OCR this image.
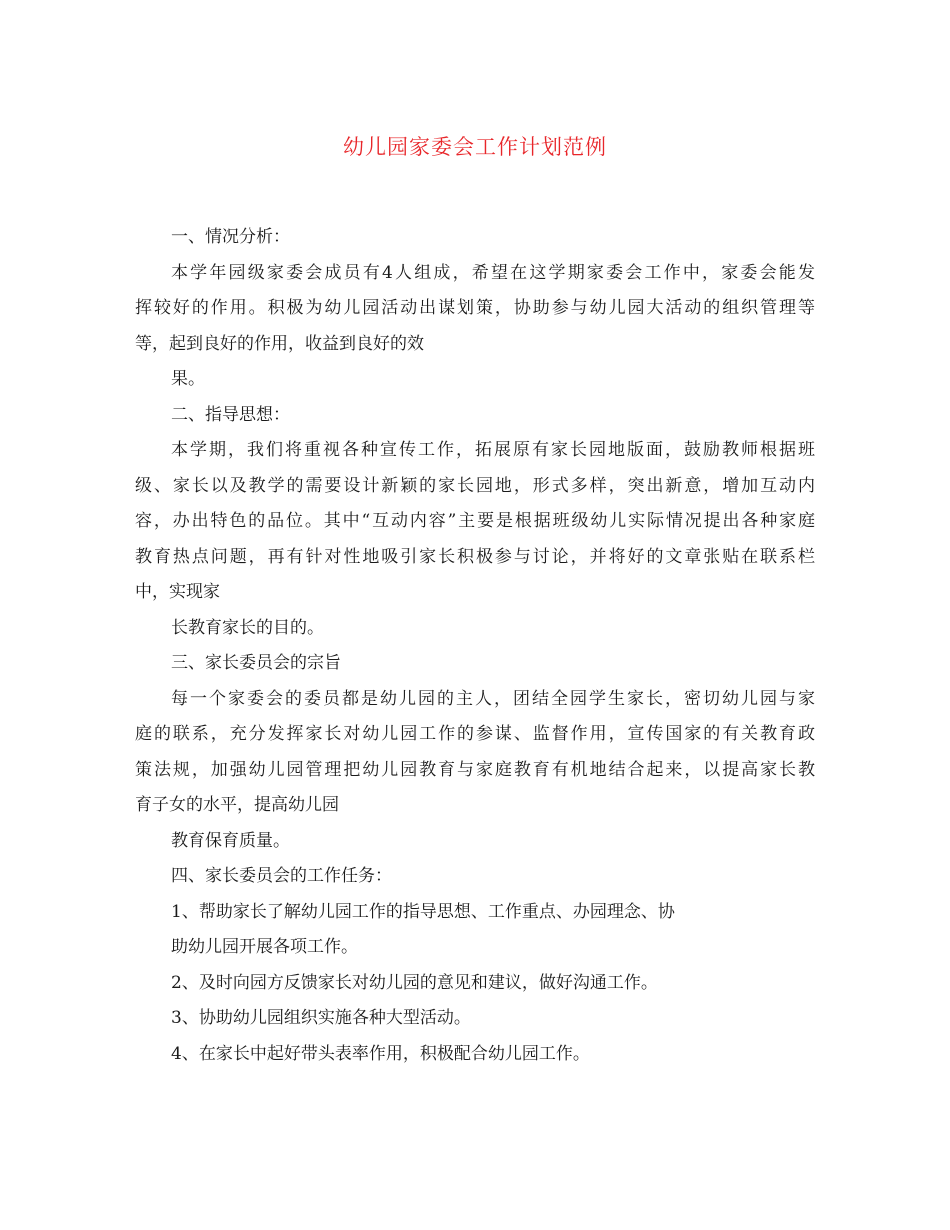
幼儿园家委会工作计划范例
一、情况分析：
本学年园级家委会成员有4人组成，希望在这学期家委会工作中，家委会能发
挥较好的作用。积极为幼儿园活动出谋划策，协助参与幼儿园大活动的组织管理等
等，起到良好的作用，收益到良好的效
果。
二、指导思想：
本学期，我们将重视各种宣传工作，拓展原有家长园地版面，鼓励教师根据班
级、家长以及教学的需要设计新颖的家长园地，形式多样，突出新意，增加互动内
容，办出特色的品位。其中“互动内容”主要是根据班级幼儿实际情况提出各种家庭
教育热点问题，再有针对性地吸引家长积极参与讨论，并将好的文章张贴在联系栏
中，实现家
长教育家长的目的。
三、家长委员会的宗旨
每一个家委会的委员都是幼儿园的主人，团结全园学生家长，密切幼儿园与家
庭的联系，充分发挥家长对幼儿园工作的参谋、监督作用，宣传国家的有关教育政
策法规，加强幼儿园管理把幼儿园教育与家庭教育有机地结合起来，以提高家长教
育子女的水平，提高幼儿园
教育保育质量。
四、家长委员会的工作任务：
1、帮助家长了解幼儿园工作的指导思想、工作重点、办园理念、协
助幼儿园开展各项工作。
2、及时向园方反馈家长对幼儿园的意见和建议，做好沟通工作。
3、协助幼儿园组织实施各种大型活动。
4、在家长中起好带头表率作用，积极配合幼儿园工作。
